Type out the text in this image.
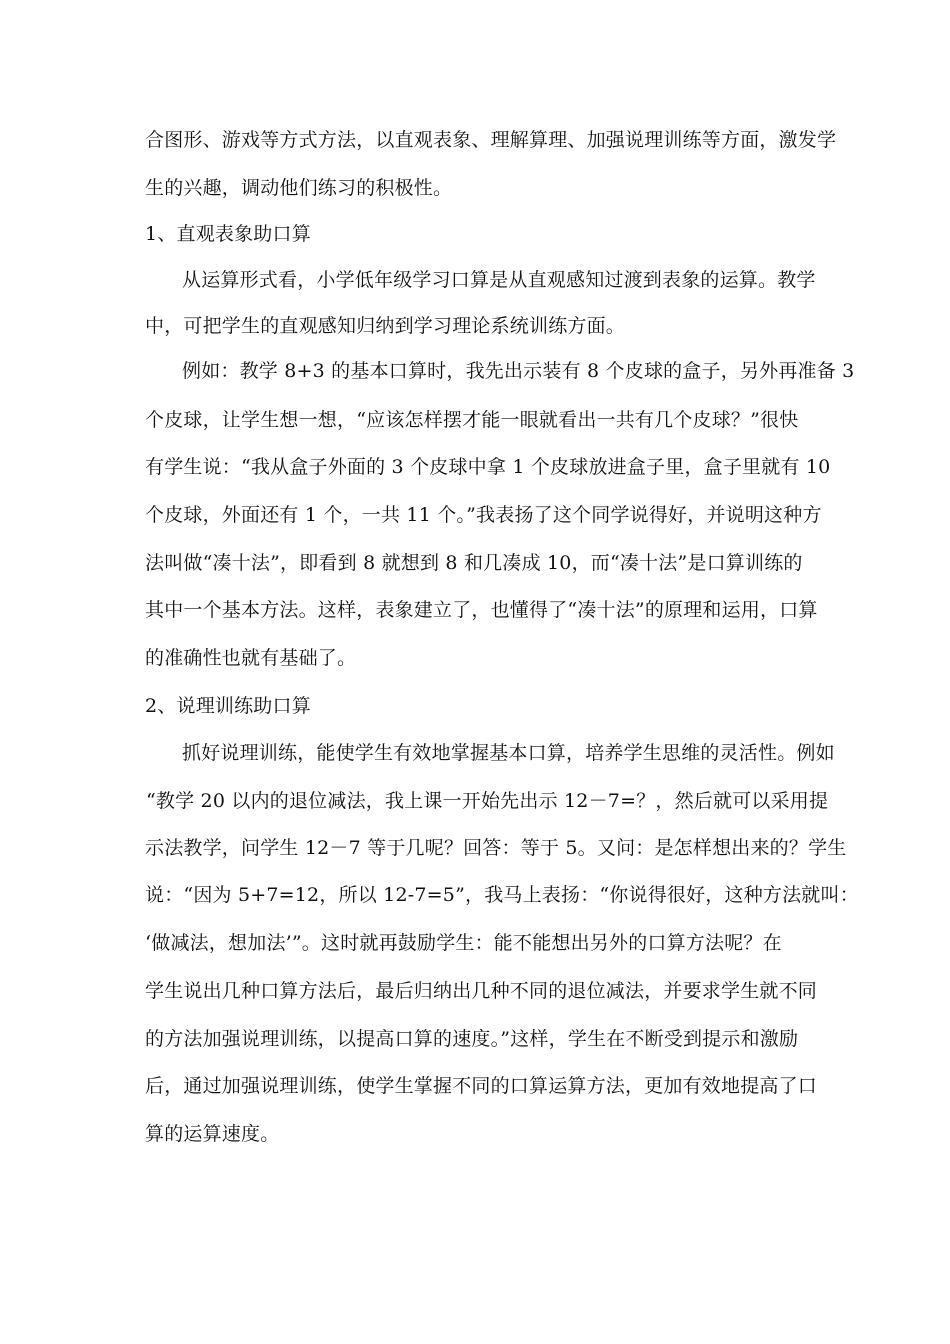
合图形、游戏等方式方法，以直观表象、理解算理、加强说理训练等方面，激发学
生的兴趣，调动他们练习的积极性。
1、直观表象助口算
从运算形式看，小学低年级学习口算是从直观感知过渡到表象的运算。教学
中，可把学生的直观感知归纳到学习理论系统训练方面。
例如：教学 8+3 的基本口算时，我先出示装有 8 个皮球的盒子，另外再准备 3
个皮球，让学生想一想，“应该怎样摆才能一眼就看出一共有几个皮球？”很快
有学生说：“我从盒子外面的 3 个皮球中拿 1 个皮球放进盒子里，盒子里就有 10
个皮球，外面还有 1 个，一共 11 个。”我表扬了这个同学说得好，并说明这种方
法叫做“凑十法”，即看到 8 就想到 8 和几凑成 10，而“凑十法”是口算训练的
其中一个基本方法。这样，表象建立了，也懂得了“凑十法”的原理和运用，口算
的准确性也就有基础了。
2、说理训练助口算
抓好说理训练，能使学生有效地掌握基本口算，培养学生思维的灵活性。例如
“教学 20 以内的退位减法，我上课一开始先出示 12－7=？，然后就可以采用提
示法教学，问学生 12－7 等于几呢？回答：等于 5。又问：是怎样想出来的？学生
说：“因为 5+7=12，所以 12-7=5”，我马上表扬：“你说得很好，这种方法就叫：
‘做减法，想加法’”。这时就再鼓励学生：能不能想出另外的口算方法呢？在
学生说出几种口算方法后，最后归纳出几种不同的退位减法，并要求学生就不同
的方法加强说理训练，以提高口算的速度。”这样，学生在不断受到提示和激励
后，通过加强说理训练，使学生掌握不同的口算运算方法，更加有效地提高了口
算的运算速度。
